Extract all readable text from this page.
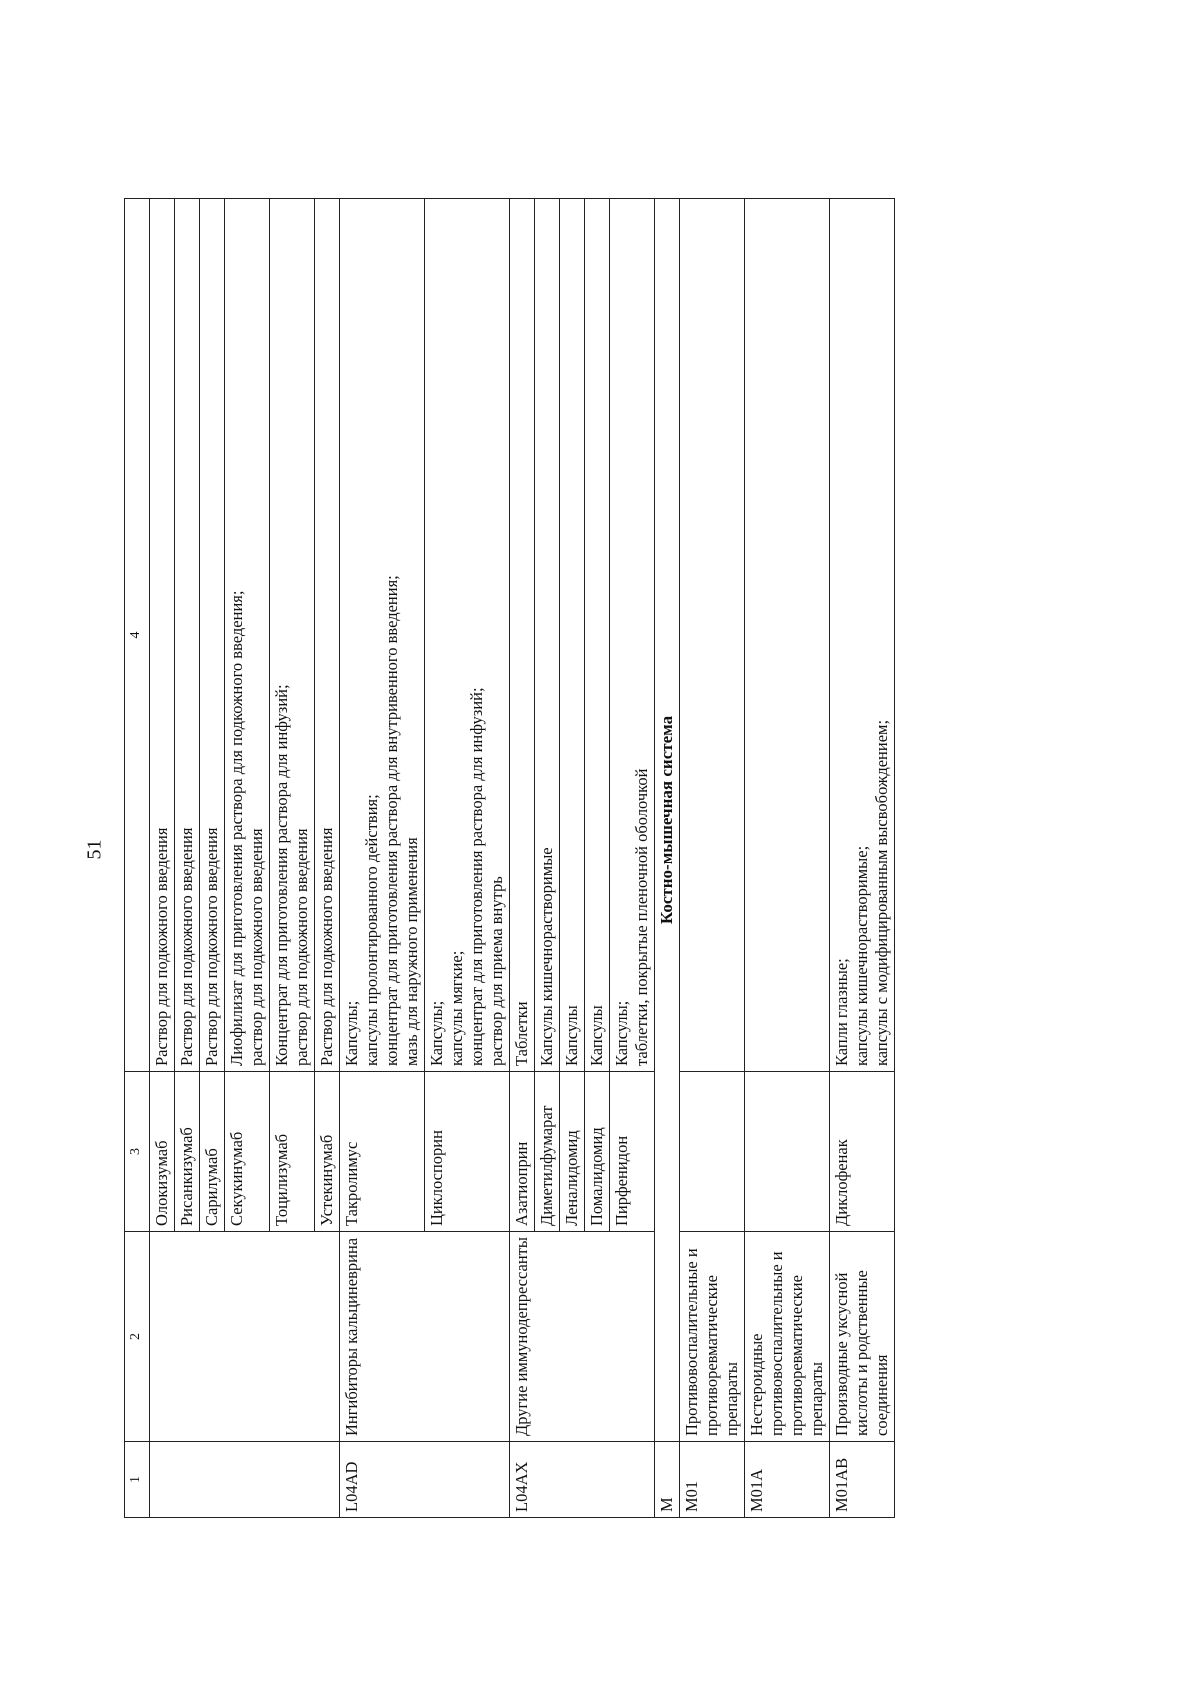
51
1	2	3	4
		Олокизумаб	Раствор для подкожного введения

		Рисанкизумаб	Раствор для подкожного введения

		Сарилумаб	Раствор для подкожного введения

		Секукинумаб	Лиофилизат для приготовления раствора для подкожного введения; раствор для подкожного введения

		Тоцилизумаб	Концентрат для приготовления раствора для инфузий; раствор для подкожного введения

		Устекинумаб	Раствор для подкожного введения

L04AD	Ингибиторы кальциневрина	Такролимус	Капсулы; капсулы пролонгированного действия; концентрат для приготовления раствора для внутривенного введения; мазь для наружного применения

		Циклоспорин	Капсулы; капсулы мягкие; концентрат для приготовления раствора для инфузий; раствор для приема внутрь

L04AX	Другие иммунодепрессанты	Азатиоприн	Таблетки

		Диметилфумарат	Капсулы кишечнорастворимые

		Леналидомид	Капсулы

		Помалидомид	Капсулы

		Пирфенидон	Капсулы; таблетки, покрытые пленочной оболочкой

M	Костно-мышечная система		
M01	Противовоспалительные и противоревматические препараты		
M01A	Нестероидные противовоспалительные и противоревматические препараты		
M01AB	Производные уксусной кислоты и родственные соединения	Диклофенак	Капли глазные; капсулы кишечнорастворимые; капсулы с модифицированным высвобождением;
